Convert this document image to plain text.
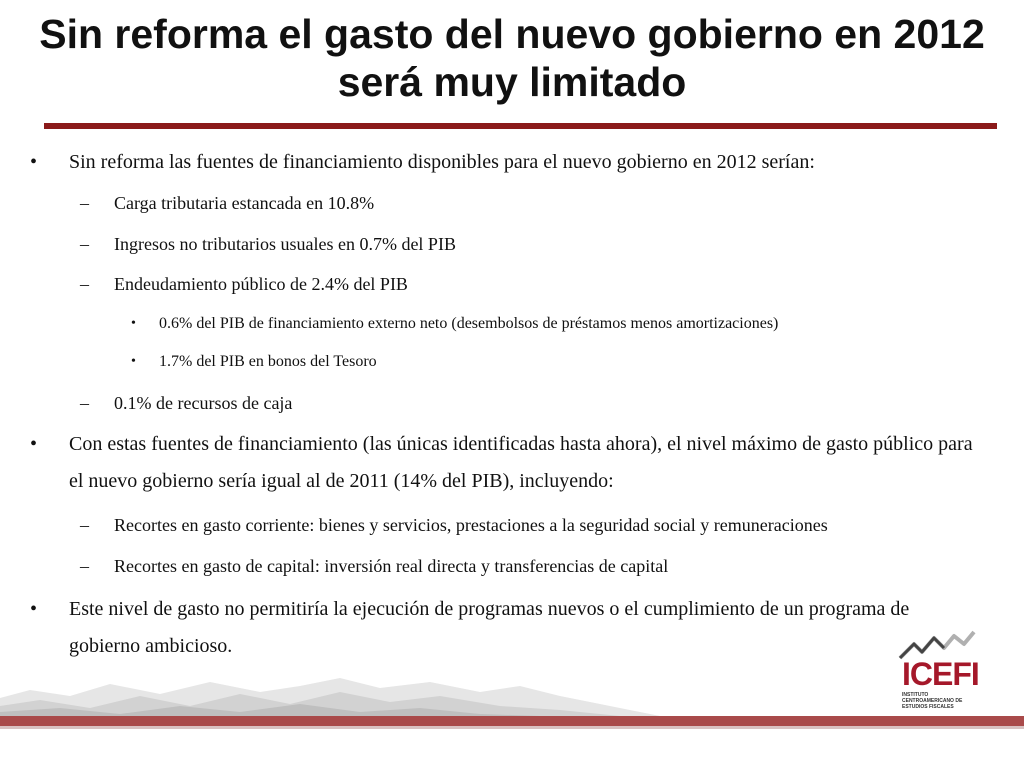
Sin reforma el gasto del nuevo gobierno en 2012 será muy limitado
• Sin reforma las fuentes de financiamiento disponibles para el nuevo gobierno en 2012 serían:
– Carga tributaria estancada en 10.8%
– Ingresos no tributarios usuales en 0.7% del PIB
– Endeudamiento público de 2.4% del PIB
• 0.6% del PIB de financiamiento externo neto (desembolsos de préstamos menos amortizaciones)
• 1.7% del PIB en bonos del Tesoro
– 0.1% de recursos de caja
• Con estas fuentes de financiamiento (las únicas identificadas hasta ahora), el nivel máximo de gasto público para el nuevo gobierno sería igual al de 2011 (14% del PIB), incluyendo:
– Recortes en gasto corriente: bienes y servicios, prestaciones a la seguridad social y remuneraciones
– Recortes en gasto de capital: inversión real directa y transferencias de capital
• Este nivel de gasto no permitiría la ejecución de programas nuevos o el cumplimiento de un programa de gobierno ambicioso.
ICEFI
INSTITUTO CENTROAMERICANO DE ESTUDIOS FISCALES
